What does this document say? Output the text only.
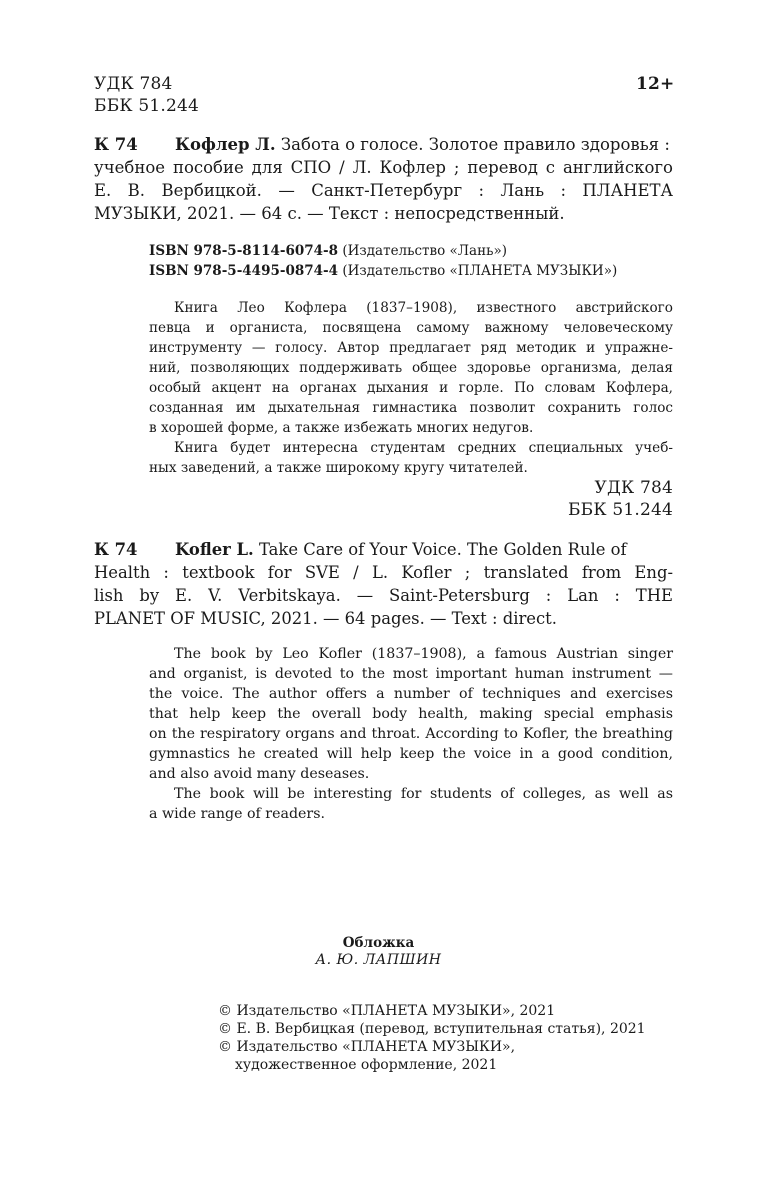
УДК 784
ББК 51.244
12+
К 74 Кофлер Л. Забота о голосе. Золотое правило здоровья :
учебное пособие для СПО / Л. Кофлер ; перевод с английского
Е. В. Вербицкой. — Санкт-Петербург : Лань : ПЛАНЕТА
МУЗЫКИ, 2021. — 64 с. — Текст : непосредственный.
ISBN 978-5-8114-6074-8 (Издательство «Лань»)
ISBN 978-5-4495-0874-4 (Издательство «ПЛАНЕТА МУЗЫКИ»)
Книга Лео Кофлера (1837–1908), известного австрийского
певца и органиста, посвящена самому важному человеческому
инструменту — голосу. Автор предлагает ряд методик и упражне-
ний, позволяющих поддерживать общее здоровье организма, делая
особый акцент на органах дыхания и горле. По словам Кофлера,
созданная им дыхательная гимнастика позволит сохранить голос
в хорошей форме, а также избежать многих недугов.
Книга будет интересна студентам средних специальных учеб-
ных заведений, а также широкому кругу читателей.
УДК 784
ББК 51.244
К 74 Kofler L. Take Care of Your Voice. The Golden Rule of
Health : textbook for SVE / L. Kofler ; translated from Eng-
lish by E. V. Verbitskaya. — Saint-Petersburg : Lan : THE
PLANET OF MUSIC, 2021. — 64 pages. — Text : direct.
The book by Leo Kofler (1837–1908), a famous Austrian singer
and organist, is devoted to the most important human instrument —
the voice. The author offers a number of techniques and exercises
that help keep the overall body health, making special emphasis
on the respiratory organs and throat. According to Kofler, the breathing
gymnastics he created will help keep the voice in a good condition,
and also avoid many deseases.
The book will be interesting for students of colleges, as well as
a wide range of readers.
Обложка
А. Ю. ЛАПШИН
© Издательство «ПЛАНЕТА МУЗЫКИ», 2021
© Е. В. Вербицкая (перевод, вступительная статья), 2021
© Издательство «ПЛАНЕТА МУЗЫКИ»,
художественное оформление, 2021
